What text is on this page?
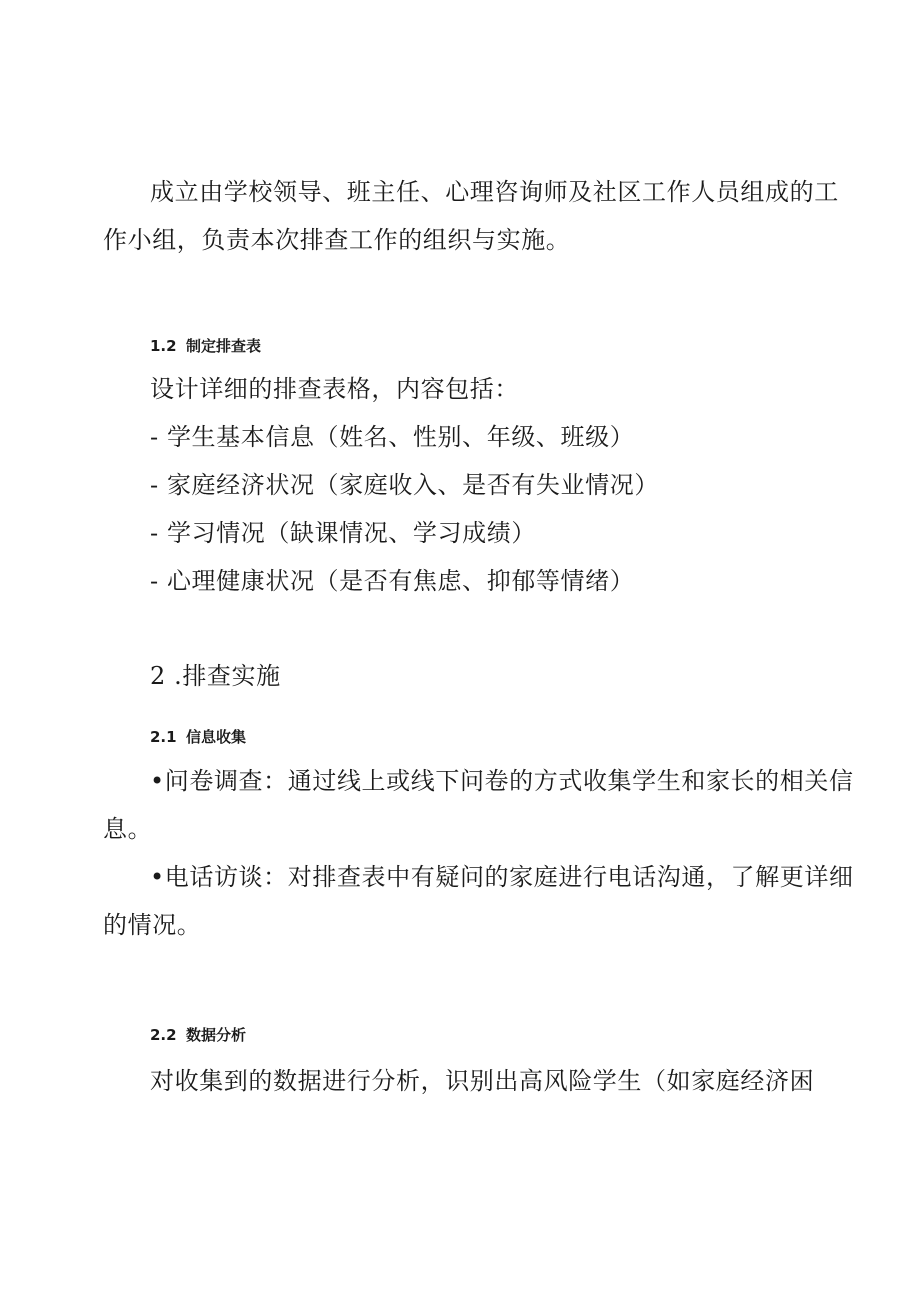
成立由学校领导、班主任、心理咨询师及社区工作人员组成的工
作小组，负责本次排查工作的组织与实施。
1.2 制定排查表
设计详细的排查表格，内容包括：
- 学生基本信息（姓名、性别、年级、班级）
- 家庭经济状况（家庭收入、是否有失业情况）
- 学习情况（缺课情况、学习成绩）
- 心理健康状况（是否有焦虑、抑郁等情绪）
2 .排查实施
2.1 信息收集
•问卷调查：通过线上或线下问卷的方式收集学生和家长的相关信
息。
•电话访谈：对排查表中有疑问的家庭进行电话沟通，了解更详细
的情况。
2.2 数据分析
对收集到的数据进行分析，识别出高风险学生（如家庭经济困
